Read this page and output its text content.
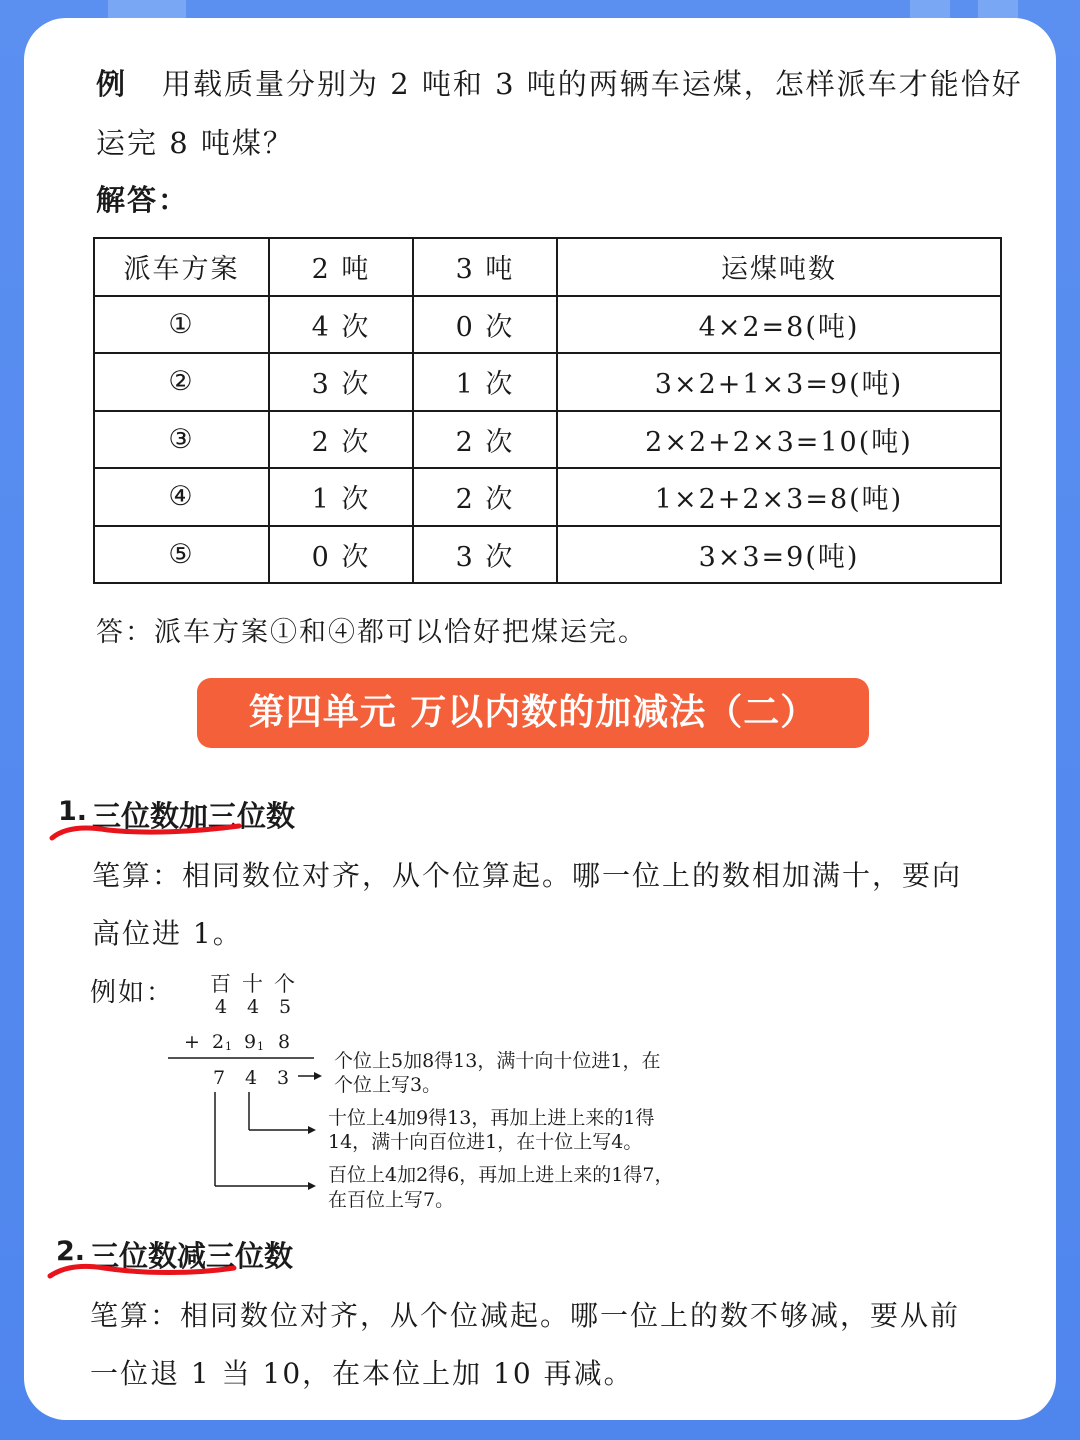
例 用载质量分别为 2 吨和 3 吨的两辆车运煤，怎样派车才能恰好
运完 8 吨煤？
解答：
派车方案	2 吨	3 吨	运煤吨数
①	4 次	0 次	4×2=8(吨)
②	3 次	1 次	3×2+1×3=9(吨)
③	2 次	2 次	2×2+2×3=10(吨)
④	1 次	2 次	1×2+2×3=8(吨)
⑤	0 次	3 次	3×3=9(吨)
答：派车方案①和④都可以恰好把煤运完。
第四单元 万以内数的加减法（二）
1. 三位数加三位数
笔算：相同数位对齐，从个位算起。哪一位上的数相加满十，要向
高位进 1。
例如： 百 十 个
4 4 5
+ 2 1 9 1 8
7 4 3
个位上5加8得13，满十向十位进1，在
个位上写3。
十位上4加9得13，再加上进上来的1得
14，满十向百位进1，在十位上写4。
百位上4加2得6，再加上进上来的1得7，
在百位上写7。
2. 三位数减三位数
笔算：相同数位对齐，从个位减起。哪一位上的数不够减，要从前
一位退 1 当 10，在本位上加 10 再减。
